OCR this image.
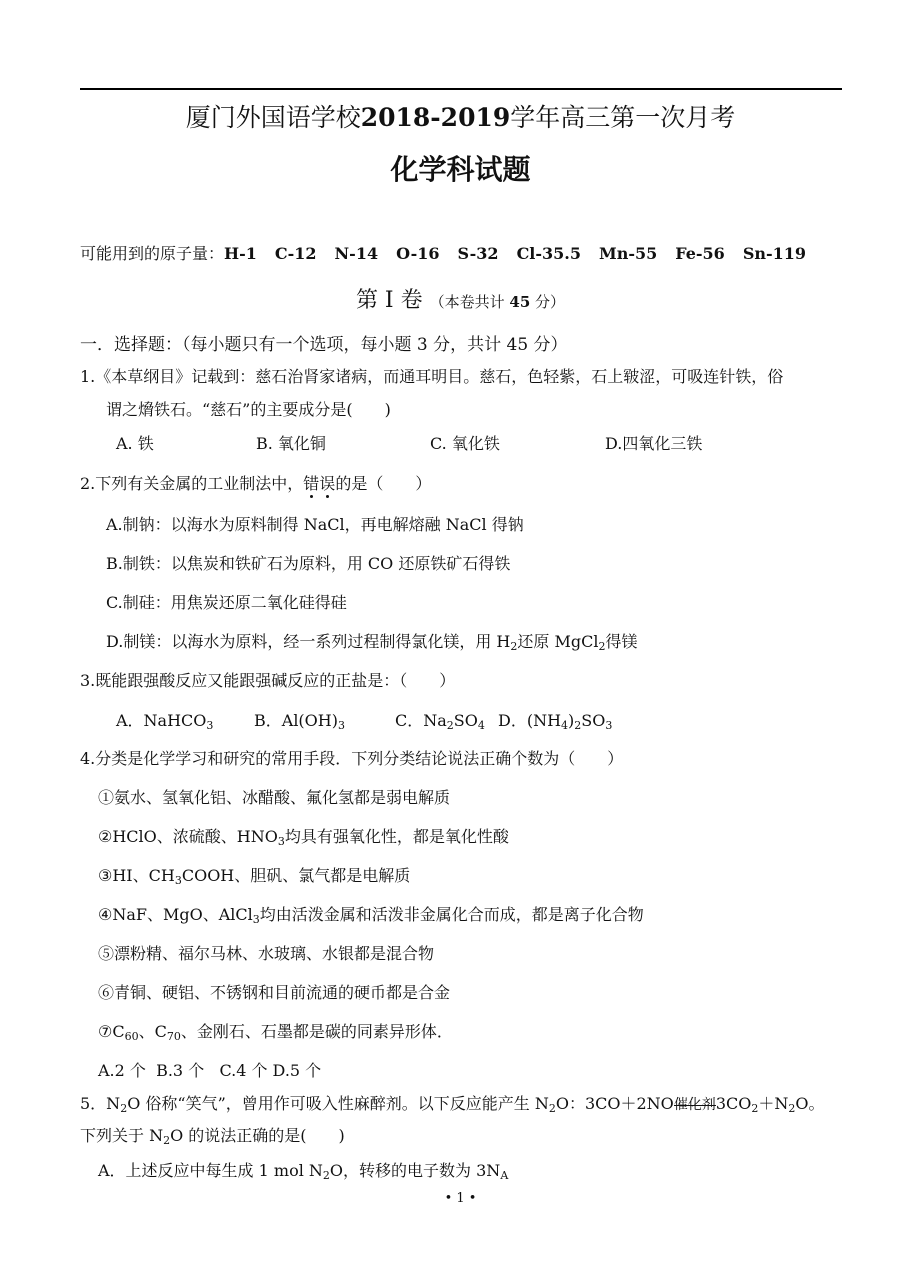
厦门外国语学校2018-2019学年高三第一次月考
化学科试题
可能用到的原子量：H-1 C-12 N-14 O-16 S-32 Cl-35.5 Mn-55 Fe-56 Sn-119
第 Ⅰ 卷 （本卷共计 45 分）
一．选择题：（每小题只有一个选项，每小题 3 分，共计 45 分）
1.《本草纲目》记载到：慈石治肾家诸病，而通耳明目。慈石，色轻紫，石上皲涩，可吸连针铁，俗
谓之熁铁石。“慈石”的主要成分是(　　)
A. 铁	B. 氧化铜	C. 氧化铁	D.四氧化三铁
2.下列有关金属的工业制法中，错误的是（　　）
A.制钠：以海水为原料制得 NaCl，再电解熔融 NaCl 得钠
B.制铁：以焦炭和铁矿石为原料，用 CO 还原铁矿石得铁
C.制硅：用焦炭还原二氧化硅得硅
D.制镁：以海水为原料，经一系列过程制得氯化镁，用 $H_2$还原 MgCl$_2$得镁
3.既能跟强酸反应又能跟强碱反应的正盐是：（　　）
A．NaHCO$_3$	B．$Al(OH)_3$	C．$Na_2SO_4$ D．$(NH_4)_2SO_3$
4.分类是化学学习和研究的常用手段．下列分类结论说法正确个数为（　　）
①氨水、氢氧化铝、冰醋酸、氟化氢都是弱电解质
②HClO、浓硫酸、$HNO_3$均具有强氧化性，都是氧化性酸
③HI、$CH_3COOH$、胆矾、氯气都是电解质
④NaF、MgO、AlCl$_3$均由活泼金属和活泼非金属化合而成，都是离子化合物
⑤漂粉精、福尔马林、水玻璃、水银都是混合物
⑥青铜、硬铝、不锈钢和目前流通的硬币都是合金
$⑦C_{60}$、$C_{70}$、金刚石、石墨都是碳的同素异形体．
A.2 个  B.3 个   C.4 个 D.5 个
5．$N_2O$ 俗称“笑气”，曾用作可吸入性麻醉剂。以下反应能产生 $N_2O$：3CO＋2NO催化剂$3CO_2+N_2O$。
下列关于 $N_2O$ 的说法正确的是(　　)
A．上述反应中每生成 1 mol $N_2O$，转移的电子数为 $3N_A$
• 1 •
